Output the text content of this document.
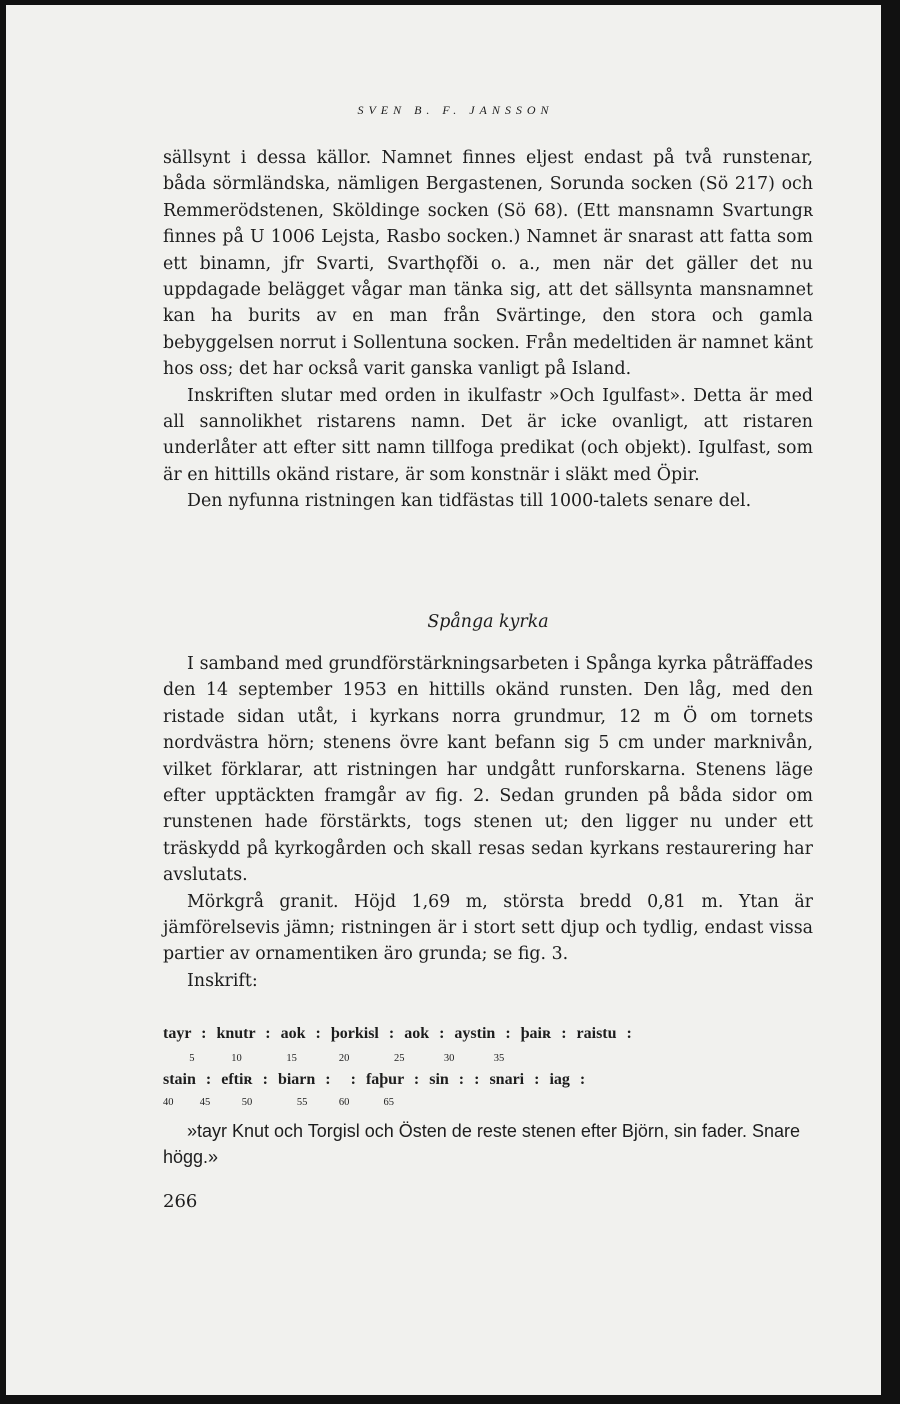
SVEN B. F. JANSSON

sällsynt i dessa källor. Namnet finnes eljest endast på två runstenar, båda sörmländska, nämligen Bergastenen, Sorunda socken (Sö 217) och Remmerödstenen, Sköldinge socken (Sö 68). (Ett mansnamn Svartungʀ finnes på U 1006 Lejsta, Rasbo socken.) Namnet är snarast att fatta som ett binamn, jfr Svarti, Svarthǫfði o. a., men när det gäller det nu uppdagade belägget vågar man tänka sig, att det sällsynta mansnamnet kan ha burits av en man från Svärtinge, den stora och gamla bebyggelsen norrut i Sollentuna socken. Från medeltiden är namnet känt hos oss; det har också varit ganska vanligt på Island.

Inskriften slutar med orden in ikulfastr »Och Igulfast». Detta är med all sannolikhet ristarens namn. Det är icke ovanligt, att ristaren underlåter att efter sitt namn tillfoga predikat (och objekt). Igulfast, som är en hittills okänd ristare, är som konstnär i släkt med Öpir.

Den nyfunna ristningen kan tidfästas till 1000-talets senare del.

Spånga kyrka

I samband med grundförstärkningsarbeten i Spånga kyrka påträffades den 14 september 1953 en hittills okänd runsten. Den låg, med den ristade sidan utåt, i kyrkans norra grundmur, 12 m Ö om tornets nordvästra hörn; stenens övre kant befann sig 5 cm under marknivån, vilket förklarar, att ristningen har undgått runforskarna. Stenens läge efter upptäckten framgår av fig. 2. Sedan grunden på båda sidor om runstenen hade förstärkts, togs stenen ut; den ligger nu under ett träskydd på kyrkogården och skall resas sedan kyrkans restaurering har avslutats.

Mörkgrå granit. Höjd 1,69 m, största bredd 0,81 m. Ytan är jämförelsevis jämn; ristningen är i stort sett djup och tydlig, endast vissa partier av ornamentiken äro grunda; se fig. 3.

Inskrift:

tayr  :  knutr  :  aok  :  þorkisl  :  aok  :  aystin  :  þaiʀ  :  raistu  :
5              10                 15                20                 25               30               35
stain  :  eftiʀ  :  biarn  :    :  faþur  :  sin  :  :  snari  :  iag  :
40          45            50                 55            60             65

»tayr Knut och Torgisl och Östen de reste stenen efter Björn, sin fader. Snare högg.»

266
